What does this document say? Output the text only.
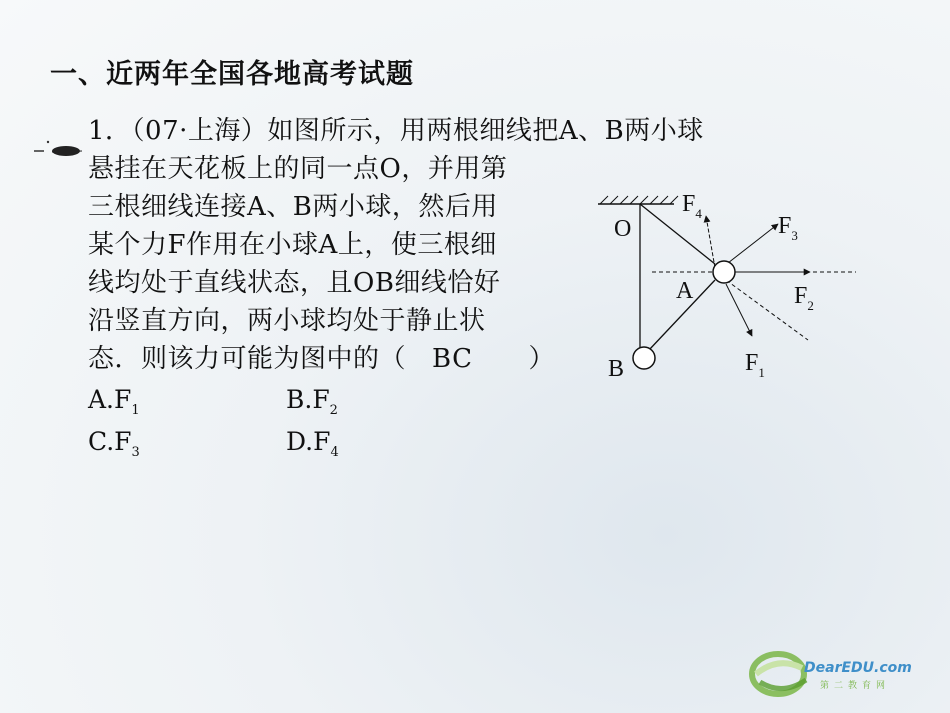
一、近两年全国各地高考试题
1．（07·上海）如图所示，用两根细线把A、B两小球
悬挂在天花板上的同一点O，并用第
三根细线连接A、B两小球，然后用
某个力F作用在小球A上，使三根细
线均处于直线状态，且OB细线恰好
沿竖直方向，两小球均处于静止状
态．则该力可能为图中的（ BC ）
$A.F_1$	$B.F_2$
$C.F_3$	$D.F_4$
O
A
B
$F_4$	$F_3$
$F_2$
$F_1$
DearEDU.com
第二教育网
